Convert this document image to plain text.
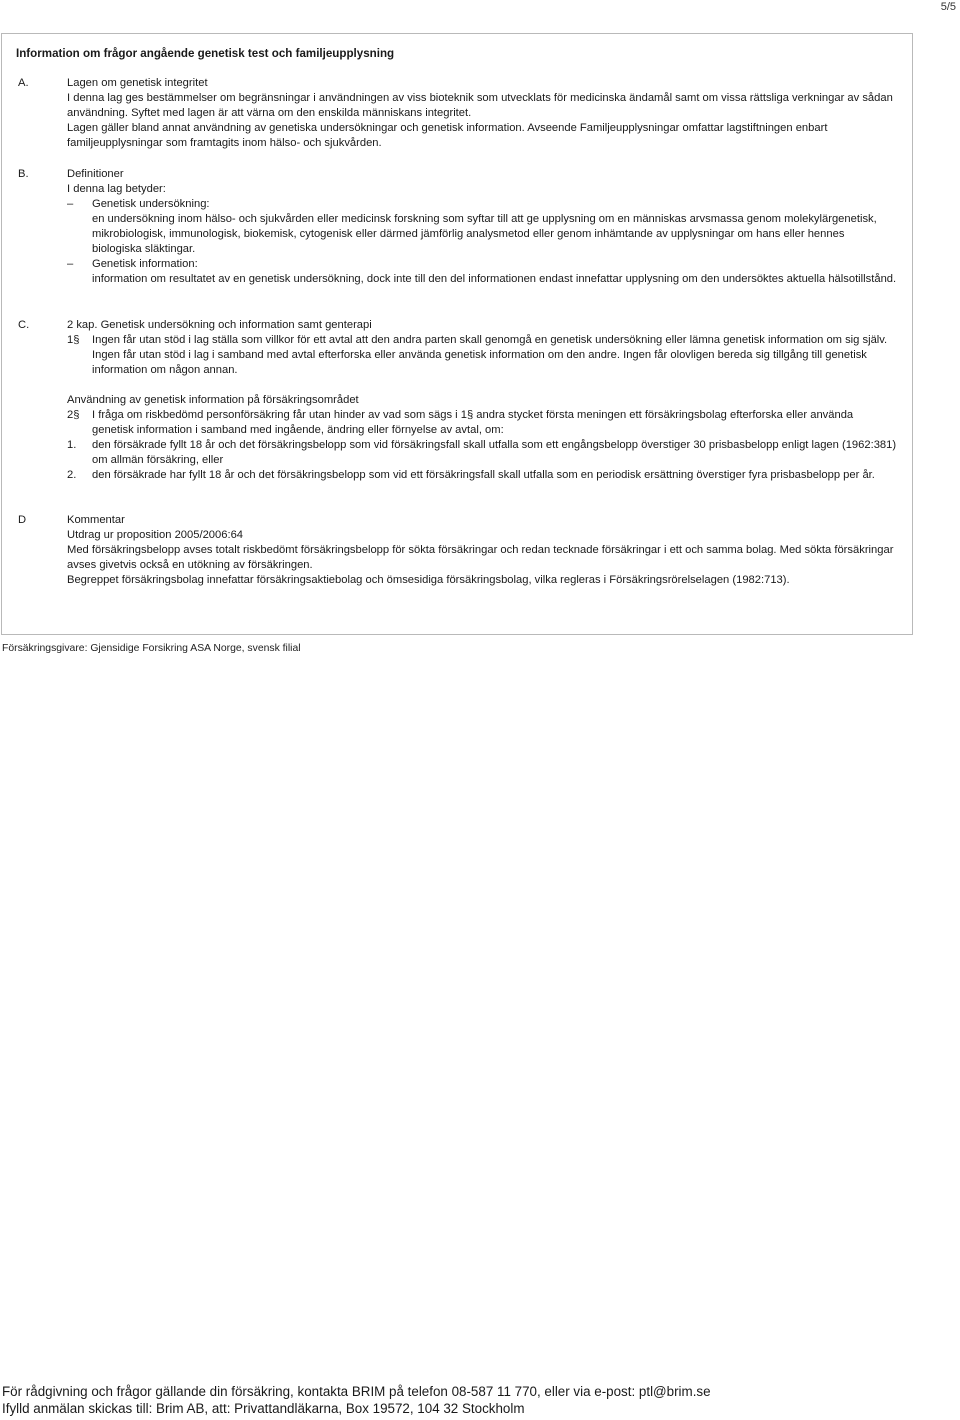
5/5
Information om frågor angående genetisk test och familjeupplysning
A.	Lagen om genetisk integritet

I denna lag ges bestämmelser om begränsningar i användningen av viss bioteknik som utvecklats för medicinska ändamål samt om vissa rättsliga verkningar av sådan användning. Syftet med lagen är att värna om den enskilda människans integritet.

Lagen gäller bland annat användning av genetiska undersökningar och genetisk information. Avseende Familjeupplysningar omfattar lagstiftningen enbart familjeupplysningar som framtagits inom hälso- och sjukvården.

B.	Definitioner

I denna lag betyder:

– Genetisk undersökning:

en undersökning inom hälso- och sjukvården eller medicinsk forskning som syftar till att ge upplysning om en människas arvsmassa genom molekylärgenetisk, mikrobiologisk, immunologisk, biokemisk, cytogenisk eller därmed jämförlig analysmetod eller genom inhämtande av upplysningar om hans eller hennes biologiska släktingar.

– Genetisk information:

information om resultatet av en genetisk undersökning, dock inte till den del informationen endast innefattar upplysning om den undersöktes aktuella hälsotillstånd.

C.	2 kap. Genetisk undersökning och information samt genterapi

1§ Ingen får utan stöd i lag ställa som villkor för ett avtal att den andra parten skall genomgå en genetisk undersökning eller lämna genetisk information om sig själv. Ingen får utan stöd i lag i samband med avtal efterforska eller använda genetisk information om den andre. Ingen får olovligen bereda sig tillgång till genetisk information om någon annan.

Användning av genetisk information på försäkringsområdet

2§ I fråga om riskbedömd personförsäkring får utan hinder av vad som sägs i 1§ andra stycket första meningen ett försäkringsbolag efterforska eller använda genetisk information i samband med ingående, ändring eller förnyelse av avtal, om:

1. den försäkrade fyllt 18 år och det försäkringsbelopp som vid försäkringsfall skall utfalla som ett engångsbelopp överstiger 30 prisbasbelopp enligt lagen (1962:381) om allmän försäkring, eller

2. den försäkrade har fyllt 18 år och det försäkringsbelopp som vid ett försäkringsfall skall utfalla som en periodisk ersättning överstiger fyra prisbasbelopp per år.

D	Kommentar

Utdrag ur proposition 2005/2006:64

Med försäkringsbelopp avses totalt riskbedömt försäkringsbelopp för sökta försäkringar och redan tecknade försäkringar i ett och samma bolag. Med sökta försäkringar avses givetvis också en utökning av försäkringen.

Begreppet försäkringsbolag innefattar försäkringsaktiebolag och ömsesidiga försäkringsbolag, vilka regleras i Försäkringsrörelselagen (1982:713).

Försäkringsgivare: Gjensidige Forsikring ASA Norge, svensk filial

För rådgivning och frågor gällande din försäkring, kontakta BRIM på telefon 08-587 11 770, eller via e-post: ptl@brim.se

Ifylld anmälan skickas till: Brim AB, att: Privattandläkarna, Box 19572, 104 32 Stockholm
